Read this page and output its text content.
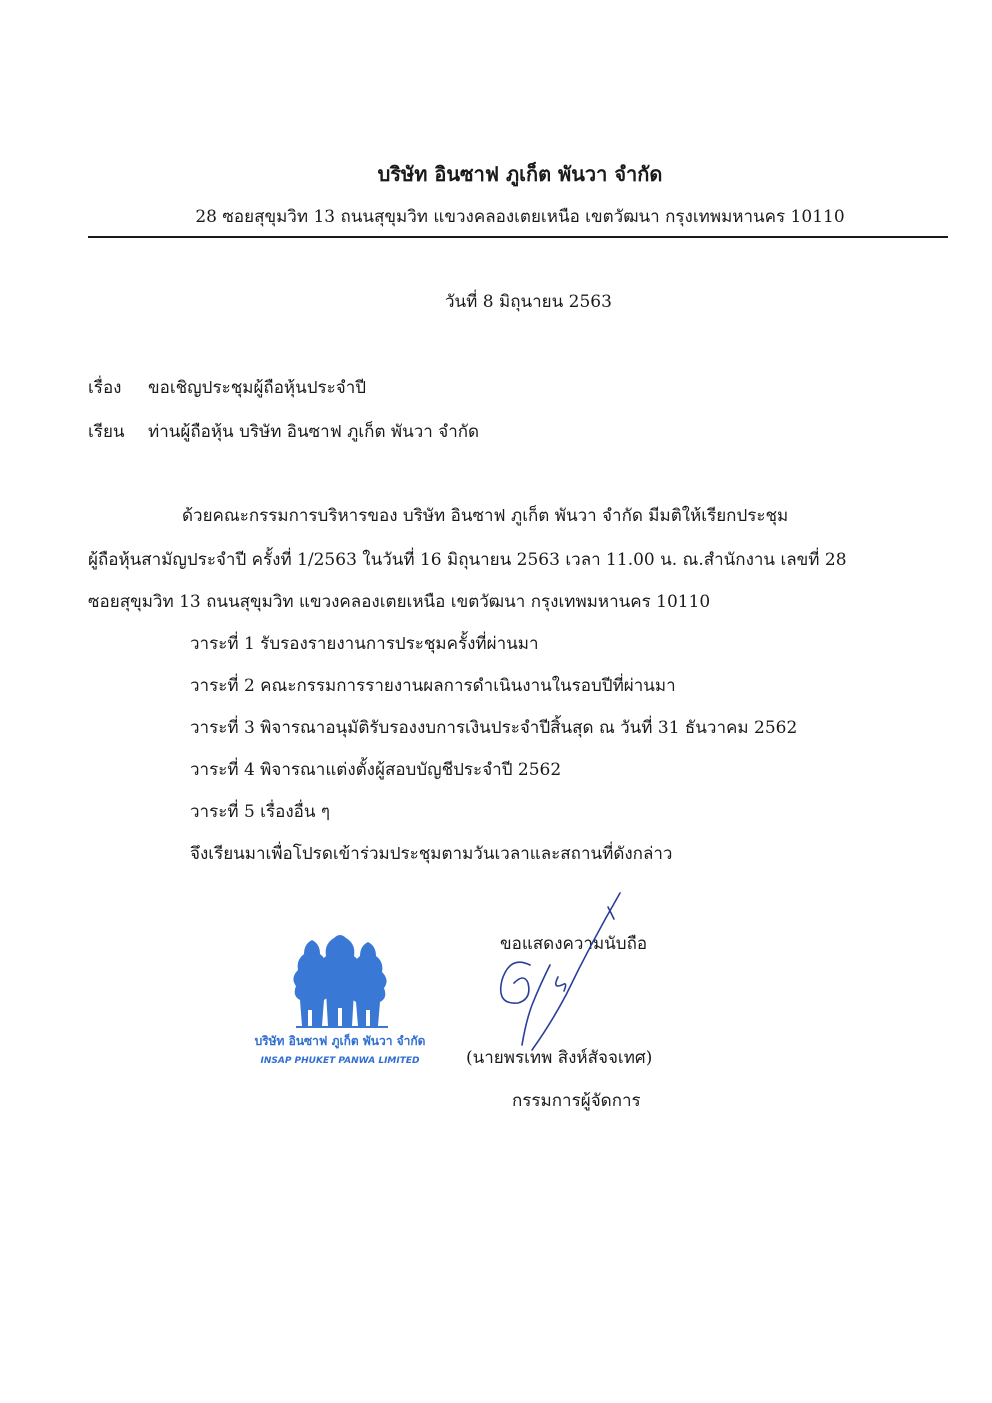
บริษัท อินซาฟ ภูเก็ต พันวา จำกัด
28 ซอยสุขุมวิท 13 ถนนสุขุมวิท แขวงคลองเตยเหนือ เขตวัฒนา กรุงเทพมหานคร 10110
วันที่ 8 มิถุนายน 2563
เรื่อง ขอเชิญประชุมผู้ถือหุ้นประจำปี
เรียน ท่านผู้ถือหุ้น บริษัท อินซาฟ ภูเก็ต พันวา จำกัด
ด้วยคณะกรรมการบริหารของ บริษัท อินซาฟ ภูเก็ต พันวา จำกัด มีมติให้เรียกประชุม
ผู้ถือหุ้นสามัญประจำปี ครั้งที่ 1/2563 ในวันที่ 16 มิถุนายน 2563 เวลา 11.00 น. ณ.สำนักงาน เลขที่ 28
ซอยสุขุมวิท 13 ถนนสุขุมวิท แขวงคลองเตยเหนือ เขตวัฒนา กรุงเทพมหานคร 10110
วาระที่ 1 รับรองรายงานการประชุมครั้งที่ผ่านมา
วาระที่ 2 คณะกรรมการรายงานผลการดำเนินงานในรอบปีที่ผ่านมา
วาระที่ 3 พิจารณาอนุมัติรับรองงบการเงินประจำปีสิ้นสุด ณ วันที่ 31 ธันวาคม 2562
วาระที่ 4 พิจารณาแต่งตั้งผู้สอบบัญชีประจำปี 2562
วาระที่ 5 เรื่องอื่น ๆ
จึงเรียนมาเพื่อโปรดเข้าร่วมประชุมตามวันเวลาและสถานที่ดังกล่าว
ขอแสดงความนับถือ
บริษัท อินซาฟ ภูเก็ต พันวา จำกัด
INSAP PHUKET PANWA LIMITED	(นายพรเทพ สิงห์สัจจเทศ)
กรรมการผู้จัดการ
